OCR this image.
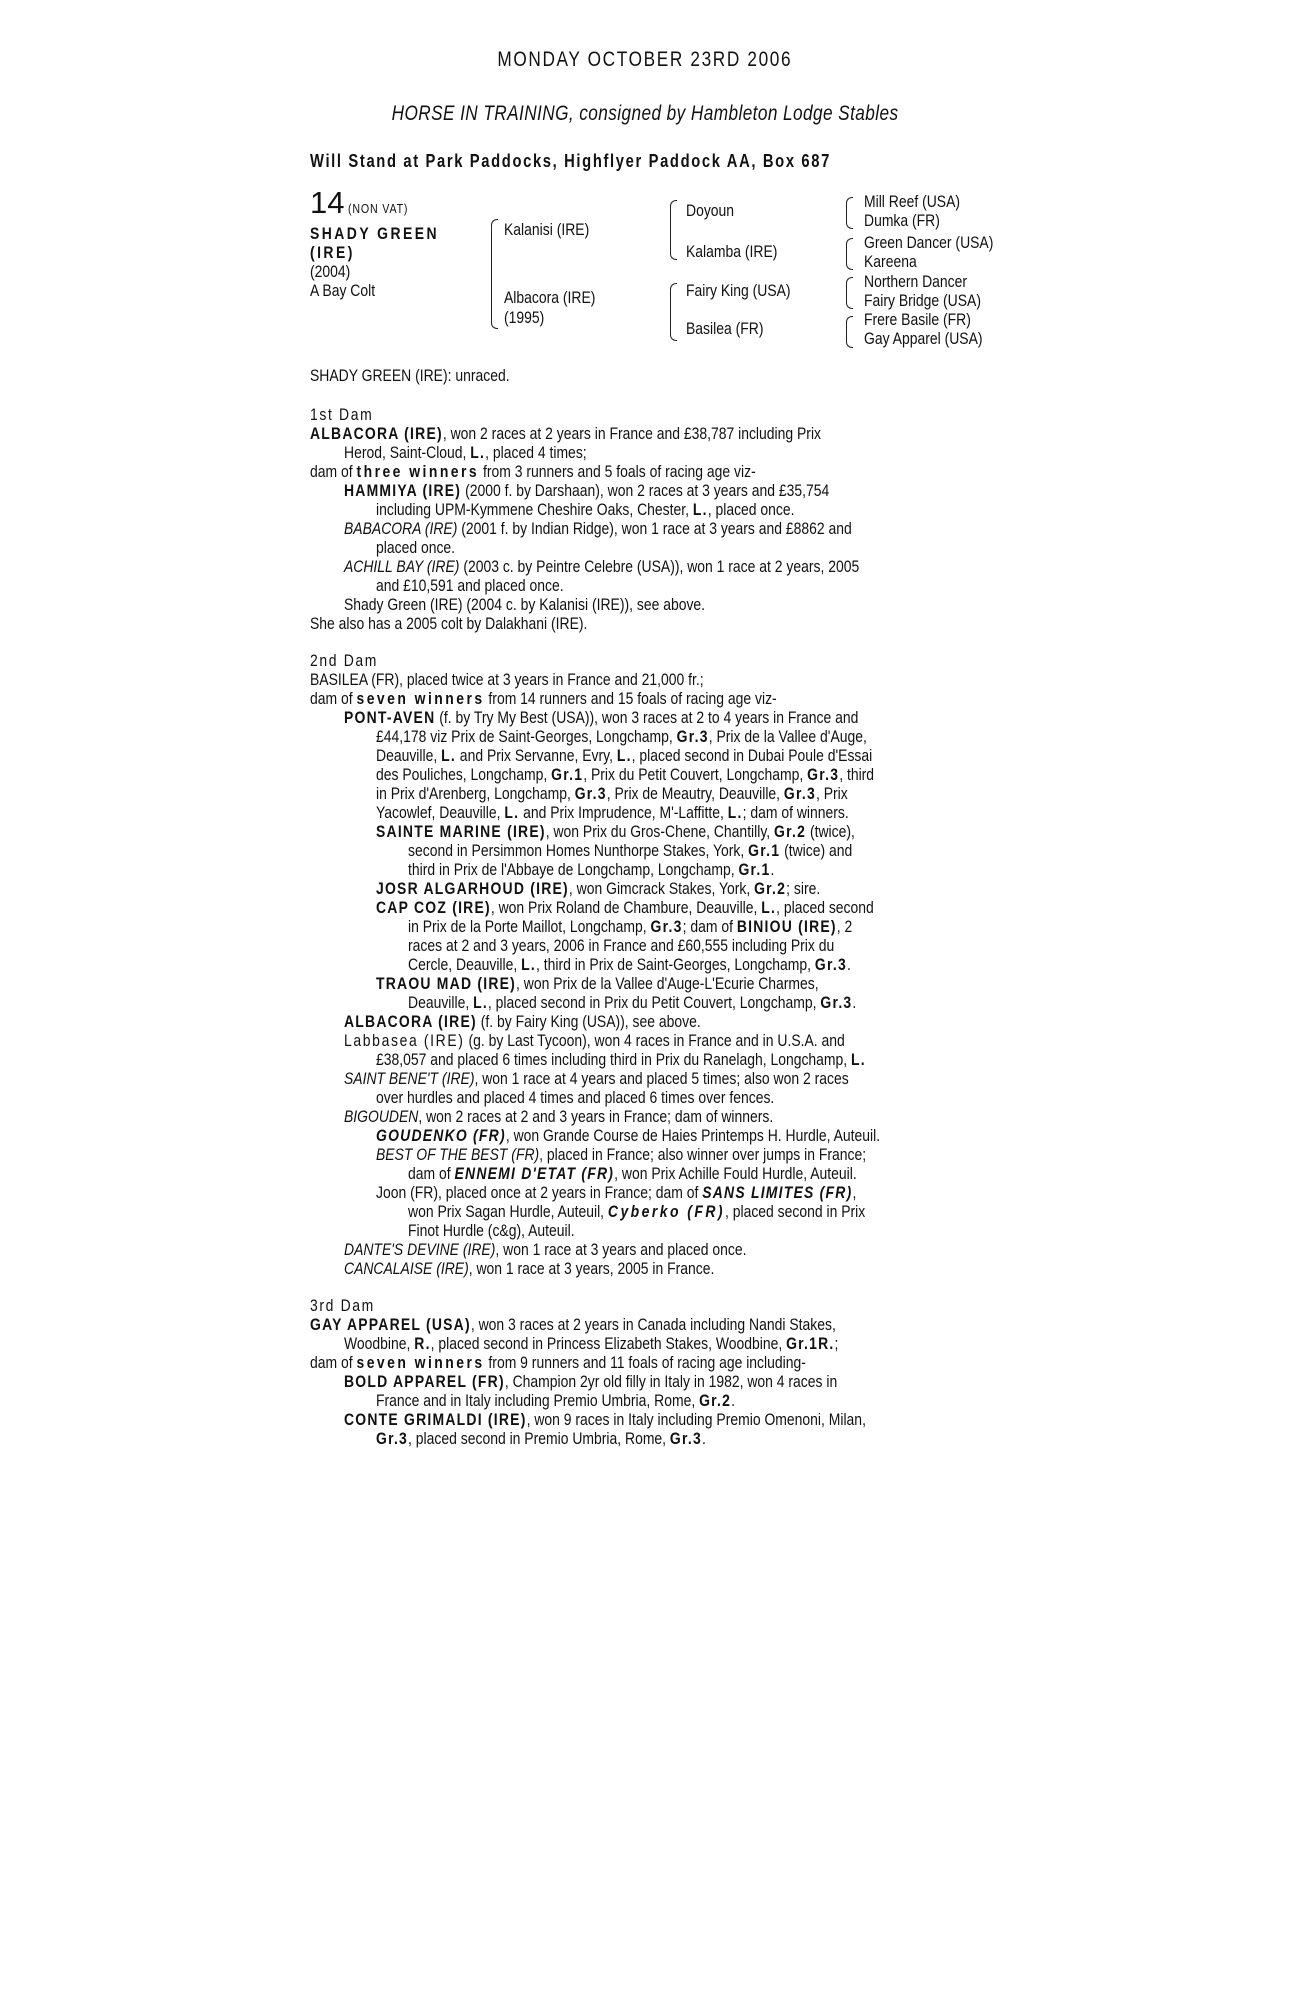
MONDAY OCTOBER 23RD 2006
HORSE IN TRAINING, consigned by Hambleton Lodge Stables
Will Stand at Park Paddocks, Highflyer Paddock AA, Box 687
14 (NON VAT)
SHADY GREEN
(IRE)
(2004)
A Bay Colt
Kalanisi (IRE)
Albacora (IRE)
(1995)
Doyoun
Kalamba (IRE)
Fairy King (USA)
Basilea (FR)
Mill Reef (USA)
Dumka (FR)
Green Dancer (USA)
Kareena
Northern Dancer
Fairy Bridge (USA)
Frere Basile (FR)
Gay Apparel (USA)
SHADY GREEN (IRE): unraced.
1st Dam
ALBACORA (IRE), won 2 races at 2 years in France and £38,787 including Prix
Herod, Saint-Cloud, L., placed 4 times;
dam of three winners from 3 runners and 5 foals of racing age viz-
HAMMIYA (IRE) (2000 f. by Darshaan), won 2 races at 3 years and £35,754
including UPM-Kymmene Cheshire Oaks, Chester, L., placed once.
BABACORA (IRE) (2001 f. by Indian Ridge), won 1 race at 3 years and £8862 and
placed once.
ACHILL BAY (IRE) (2003 c. by Peintre Celebre (USA)), won 1 race at 2 years, 2005
and £10,591 and placed once.
Shady Green (IRE) (2004 c. by Kalanisi (IRE)), see above.
She also has a 2005 colt by Dalakhani (IRE).
2nd Dam
BASILEA (FR), placed twice at 3 years in France and 21,000 fr.;
dam of seven winners from 14 runners and 15 foals of racing age viz-
PONT-AVEN (f. by Try My Best (USA)), won 3 races at 2 to 4 years in France and
£44,178 viz Prix de Saint-Georges, Longchamp, Gr.3, Prix de la Vallee d'Auge,
Deauville, L. and Prix Servanne, Evry, L., placed second in Dubai Poule d'Essai
des Pouliches, Longchamp, Gr.1, Prix du Petit Couvert, Longchamp, Gr.3, third
in Prix d'Arenberg, Longchamp, Gr.3, Prix de Meautry, Deauville, Gr.3, Prix
Yacowlef, Deauville, L. and Prix Imprudence, M'-Laffitte, L.; dam of winners.
SAINTE MARINE (IRE), won Prix du Gros-Chene, Chantilly, Gr.2 (twice),
second in Persimmon Homes Nunthorpe Stakes, York, Gr.1 (twice) and
third in Prix de l'Abbaye de Longchamp, Longchamp, Gr.1.
JOSR ALGARHOUD (IRE), won Gimcrack Stakes, York, Gr.2; sire.
CAP COZ (IRE), won Prix Roland de Chambure, Deauville, L., placed second
in Prix de la Porte Maillot, Longchamp, Gr.3; dam of BINIOU (IRE), 2
races at 2 and 3 years, 2006 in France and £60,555 including Prix du
Cercle, Deauville, L., third in Prix de Saint-Georges, Longchamp, Gr.3.
TRAOU MAD (IRE), won Prix de la Vallee d'Auge-L'Ecurie Charmes,
Deauville, L., placed second in Prix du Petit Couvert, Longchamp, Gr.3.
ALBACORA (IRE) (f. by Fairy King (USA)), see above.
Labbasea (IRE) (g. by Last Tycoon), won 4 races in France and in U.S.A. and
£38,057 and placed 6 times including third in Prix du Ranelagh, Longchamp, L.
SAINT BENE'T (IRE), won 1 race at 4 years and placed 5 times; also won 2 races
over hurdles and placed 4 times and placed 6 times over fences.
BIGOUDEN, won 2 races at 2 and 3 years in France; dam of winners.
GOUDENKO (FR), won Grande Course de Haies Printemps H. Hurdle, Auteuil.
BEST OF THE BEST (FR), placed in France; also winner over jumps in France;
dam of ENNEMI D'ETAT (FR), won Prix Achille Fould Hurdle, Auteuil.
Joon (FR), placed once at 2 years in France; dam of SANS LIMITES (FR),
won Prix Sagan Hurdle, Auteuil, Cyberko (FR), placed second in Prix
Finot Hurdle (c&g), Auteuil.
DANTE'S DEVINE (IRE), won 1 race at 3 years and placed once.
CANCALAISE (IRE), won 1 race at 3 years, 2005 in France.
3rd Dam
GAY APPAREL (USA), won 3 races at 2 years in Canada including Nandi Stakes,
Woodbine, R., placed second in Princess Elizabeth Stakes, Woodbine, Gr.1R.;
dam of seven winners from 9 runners and 11 foals of racing age including-
BOLD APPAREL (FR), Champion 2yr old filly in Italy in 1982, won 4 races in
France and in Italy including Premio Umbria, Rome, Gr.2.
CONTE GRIMALDI (IRE), won 9 races in Italy including Premio Omenoni, Milan,
Gr.3, placed second in Premio Umbria, Rome, Gr.3.
